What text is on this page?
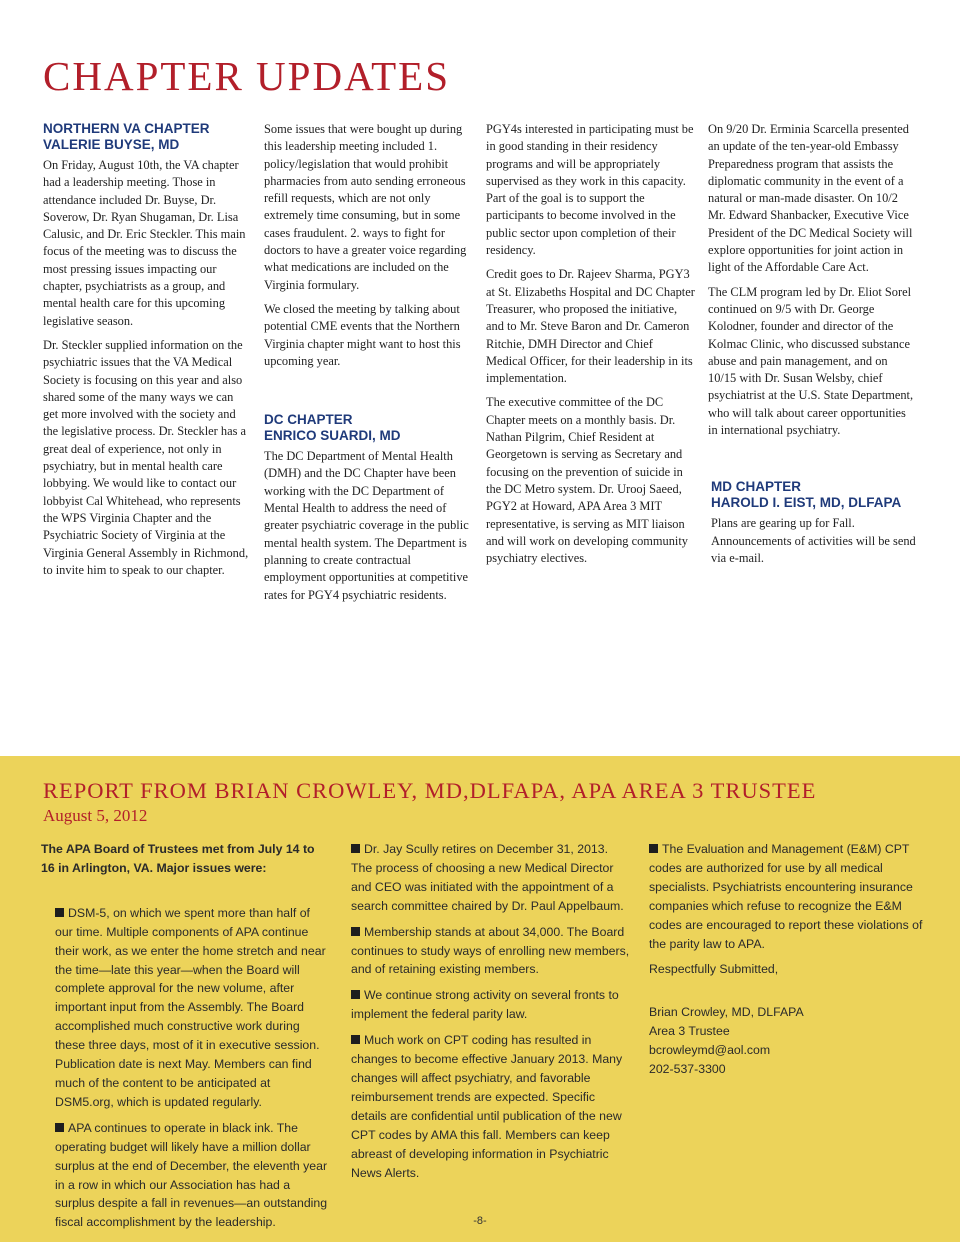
CHAPTER UPDATES
NORTHERN VA CHAPTER
VALERIE BUYSE, MD

On Friday, August 10th, the VA chapter had a leadership meeting. Those in attendance included Dr. Buyse, Dr. Soverow, Dr. Ryan Shugaman, Dr. Lisa Calusic, and Dr. Eric Steckler. This main focus of the meeting was to discuss the most pressing issues impacting our chapter, psychiatrists as a group, and mental health care for this upcoming legislative season.

Dr. Steckler supplied information on the psychiatric issues that the VA Medical Society is focusing on this year and also shared some of the many ways we can get more involved with the society and the legislative process. Dr. Steckler has a great deal of experience, not only in psychiatry, but in mental health care lobbying. We would like to contact our lobbyist Cal Whitehead, who represents the WPS Virginia Chapter and the Psychiatric Society of Virginia at the Virginia General Assembly in Richmond, to invite him to speak to our chapter.

Some issues that were bought up during this leadership meeting included 1. policy/legislation that would prohibit pharmacies from auto sending erroneous refill requests, which are not only extremely time consuming, but in some cases fraudulent. 2. ways to fight for doctors to have a greater voice regarding what medications are included on the Virginia formulary.

We closed the meeting by talking about potential CME events that the Northern Virginia chapter might want to host this upcoming year.

DC CHAPTER
ENRICO SUARDI, MD

The DC Department of Mental Health (DMH) and the DC Chapter have been working with the DC Department of Mental Health to address the need of greater psychiatric coverage in the public mental health system. The Department is planning to create contractual employment opportunities at competitive rates for PGY4 psychiatric residents.

PGY4s interested in participating must be in good standing in their residency programs and will be appropriately supervised as they work in this capacity. Part of the goal is to support the participants to become involved in the public sector upon completion of their residency.

Credit goes to Dr. Rajeev Sharma, PGY3 at St. Elizabeths Hospital and DC Chapter Treasurer, who proposed the initiative, and to Mr. Steve Baron and Dr. Cameron Ritchie, DMH Director and Chief Medical Officer, for their leadership in its implementation.

The executive committee of the DC Chapter meets on a monthly basis. Dr. Nathan Pilgrim, Chief Resident at Georgetown is serving as Secretary and focusing on the prevention of suicide in the DC Metro system. Dr. Urooj Saeed, PGY2 at Howard, APA Area 3 MIT representative, is serving as MIT liaison and will work on developing community psychiatry electives.

On 9/20 Dr. Erminia Scarcella presented an update of the ten-year-old Embassy Preparedness program that assists the diplomatic community in the event of a natural or man-made disaster. On 10/2 Mr. Edward Shanbacker, Executive Vice President of the DC Medical Society will explore opportunities for joint action in light of the Affordable Care Act.

The CLM program led by Dr. Eliot Sorel continued on 9/5 with Dr. George Kolodner, founder and director of the Kolmac Clinic, who discussed substance abuse and pain management, and on 10/15 with Dr. Susan Welsby, chief psychiatrist at the U.S. State Department, who will talk about career opportunities in international psychiatry.

MD CHAPTER
HAROLD I. EIST, MD, DLFAPA

Plans are gearing up for Fall. Announcements of activities will be send via e-mail.

REPORT FROM BRIAN CROWLEY, MD,DLFAPA, APA AREA 3 TRUSTEE
August 5, 2012

The APA Board of Trustees met from July 14 to 16 in Arlington, VA. Major issues were:

DSM-5, on which we spent more than half of our time. Multiple components of APA continue their work, as we enter the home stretch and near the time—late this year—when the Board will complete approval for the new volume, after important input from the Assembly. The Board accomplished much constructive work during these three days, most of it in executive session. Publication date is next May. Members can find much of the content to be anticipated at DSM5.org, which is updated regularly.

APA continues to operate in black ink. The operating budget will likely have a million dollar surplus at the end of December, the eleventh year in a row in which our Association has had a surplus despite a fall in revenues—an outstanding fiscal accomplishment by the leadership.

Dr. Jay Scully retires on December 31, 2013. The process of choosing a new Medical Director and CEO was initiated with the appointment of a search committee chaired by Dr. Paul Appelbaum.

Membership stands at about 34,000. The Board continues to study ways of enrolling new members, and of retaining existing members.

We continue strong activity on several fronts to implement the federal parity law.

Much work on CPT coding has resulted in changes to become effective January 2013. Many changes will affect psychiatry, and favorable reimbursement trends are expected. Specific details are confidential until publication of the new CPT codes by AMA this fall. Members can keep abreast of developing information in Psychiatric News Alerts.

The Evaluation and Management (E&M) CPT codes are authorized for use by all medical specialists. Psychiatrists encountering insurance companies which refuse to recognize the E&M codes are encouraged to report these violations of the parity law to APA.

Respectfully Submitted,

Brian Crowley, MD, DLFAPA
Area 3 Trustee
bcrowleymd@aol.com
202-537-3300

-8-
